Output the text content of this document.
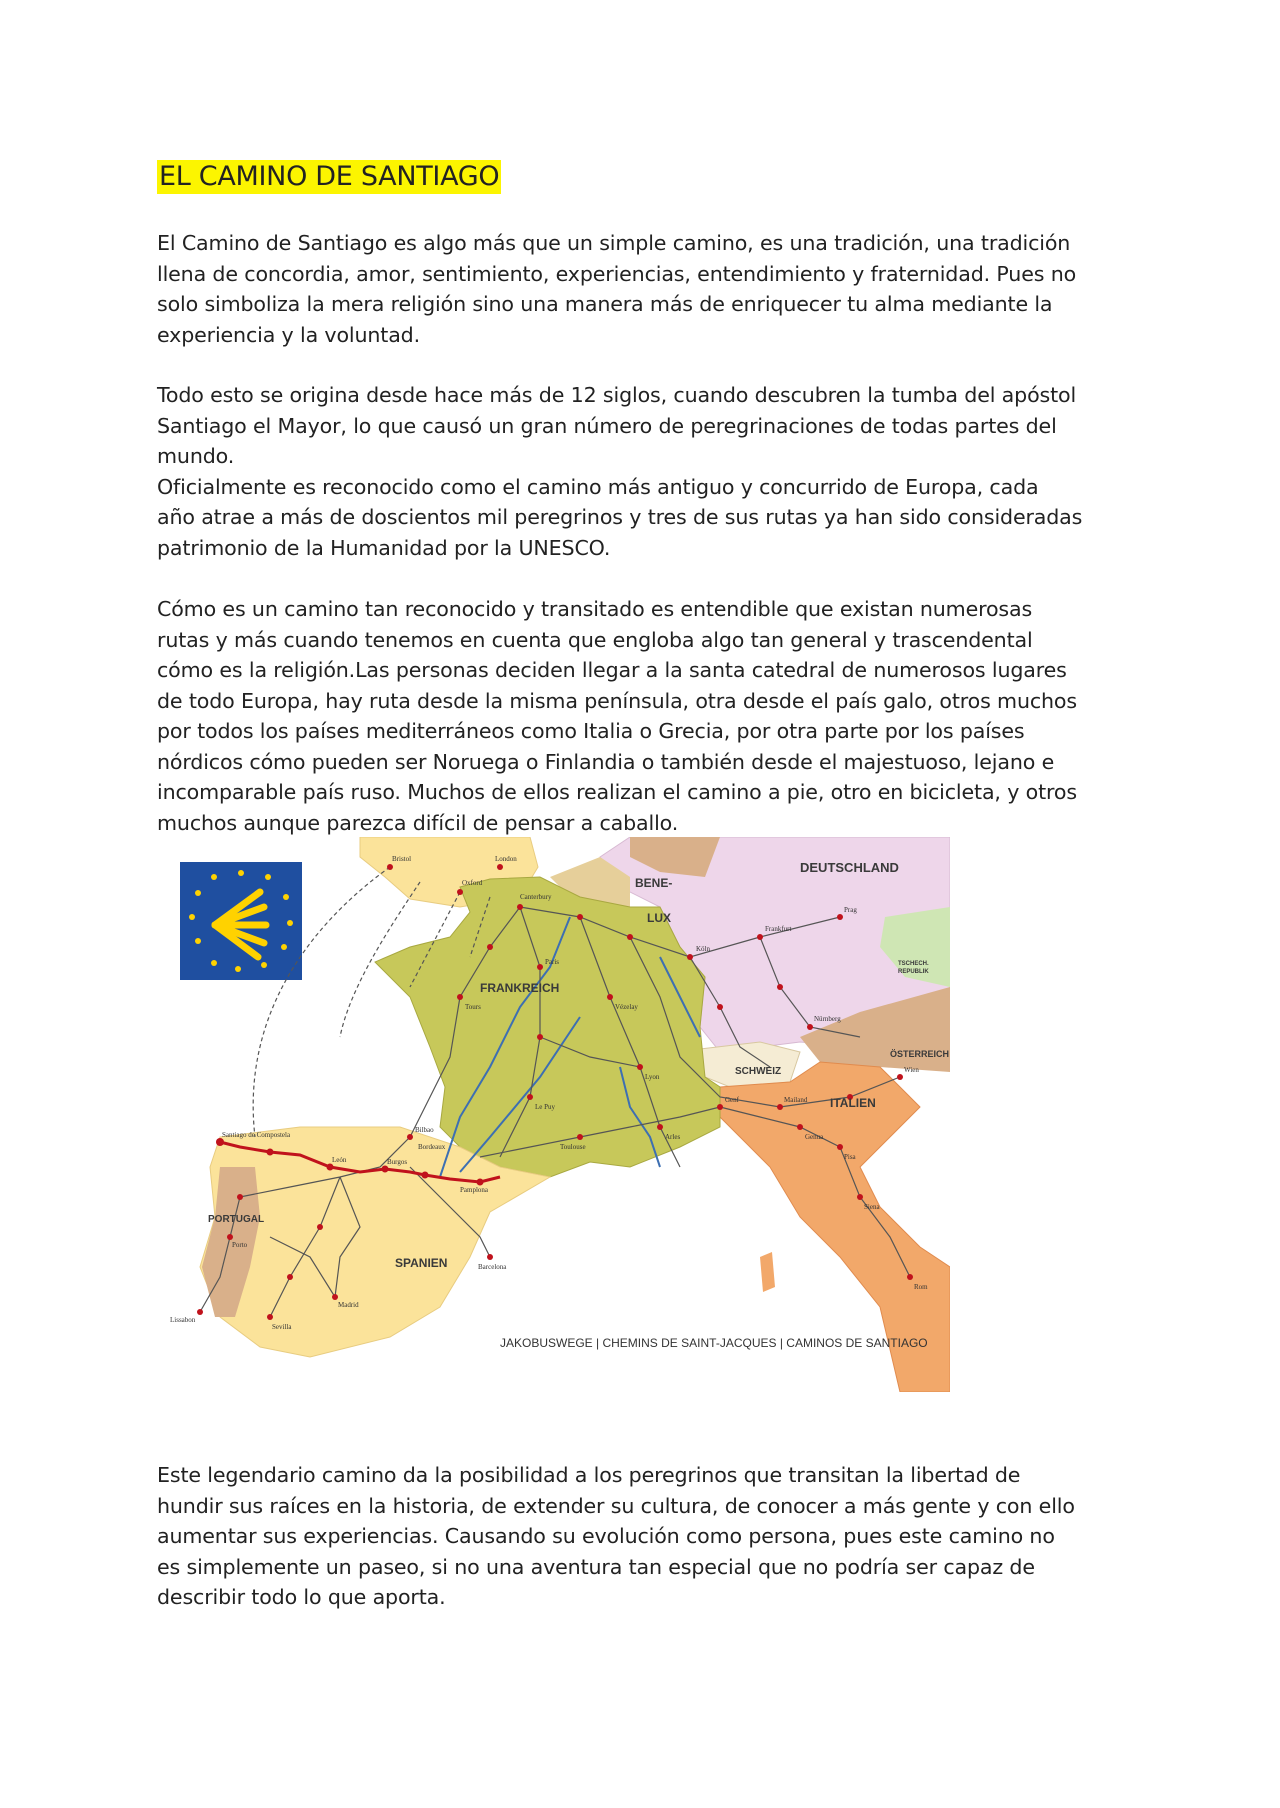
EL CAMINO DE SANTIAGO

El Camino de Santiago es algo más que un simple camino, es una tradición, una tradición
llena de concordia, amor, sentimiento, experiencias, entendimiento y fraternidad. Pues no
solo simboliza la mera religión sino una manera más de enriquecer tu alma mediante la
experiencia y la voluntad.

Todo esto se origina desde hace más de 12 siglos, cuando descubren la tumba del apóstol
Santiago el Mayor, lo que causó un gran número de peregrinaciones de todas partes del
mundo.
Oficialmente es reconocido como el camino más antiguo y concurrido de Europa, cada
año atrae a más de doscientos mil peregrinos y tres de sus rutas ya han sido consideradas
patrimonio de la Humanidad por la UNESCO.

Cómo es un camino tan reconocido y transitado es entendible que existan numerosas
rutas y más cuando tenemos en cuenta que engloba algo tan general y trascendental
cómo es la religión.Las personas deciden llegar a la santa catedral de numerosos lugares
de todo Europa, hay ruta desde la misma península, otra desde el país galo, otros muchos
por todos los países mediterráneos como Italia o Grecia, por otra parte por los países
nórdicos cómo pueden ser Noruega o Finlandia o también desde el majestuoso, lejano e
incomparable país ruso. Muchos de ellos realizan el camino a pie, otro en bicicleta, y otros
muchos aunque parezca difícil de pensar a caballo.

DEUTSCHLAND
BENE-
LUX
FRANKREICH
SCHWEIZ
ITALIEN
SPANIEN
PORTUGAL
ÖSTERREICH
TSCHECH.
REPUBLIK
Santiago de Compostela
Burgos
León
Pamplona
Bilbao
Madrid
Sevilla
Lissabon
Porto
Barcelona
Paris
Tours
Bordeaux	Toulouse
Arles
Lyon
Vézelay
Le Puy
London
Canterbury
Bristol
Oxford
Köln
Frankfurt
Nürnberg
Prag
Wien
Genf	Mailand
Genua
Pisa
Siena
Rom
JAKOBUSWEGE | CHEMINS DE SAINT-JACQUES | CAMINOS DE SANTIAGO

Este legendario camino da la posibilidad a los peregrinos que transitan la libertad de
hundir sus raíces en la historia, de extender su cultura, de conocer a más gente y con ello
aumentar sus experiencias. Causando su evolución como persona, pues este camino no
es simplemente un paseo, si no una aventura tan especial que no podría ser capaz de
describir todo lo que aporta.
